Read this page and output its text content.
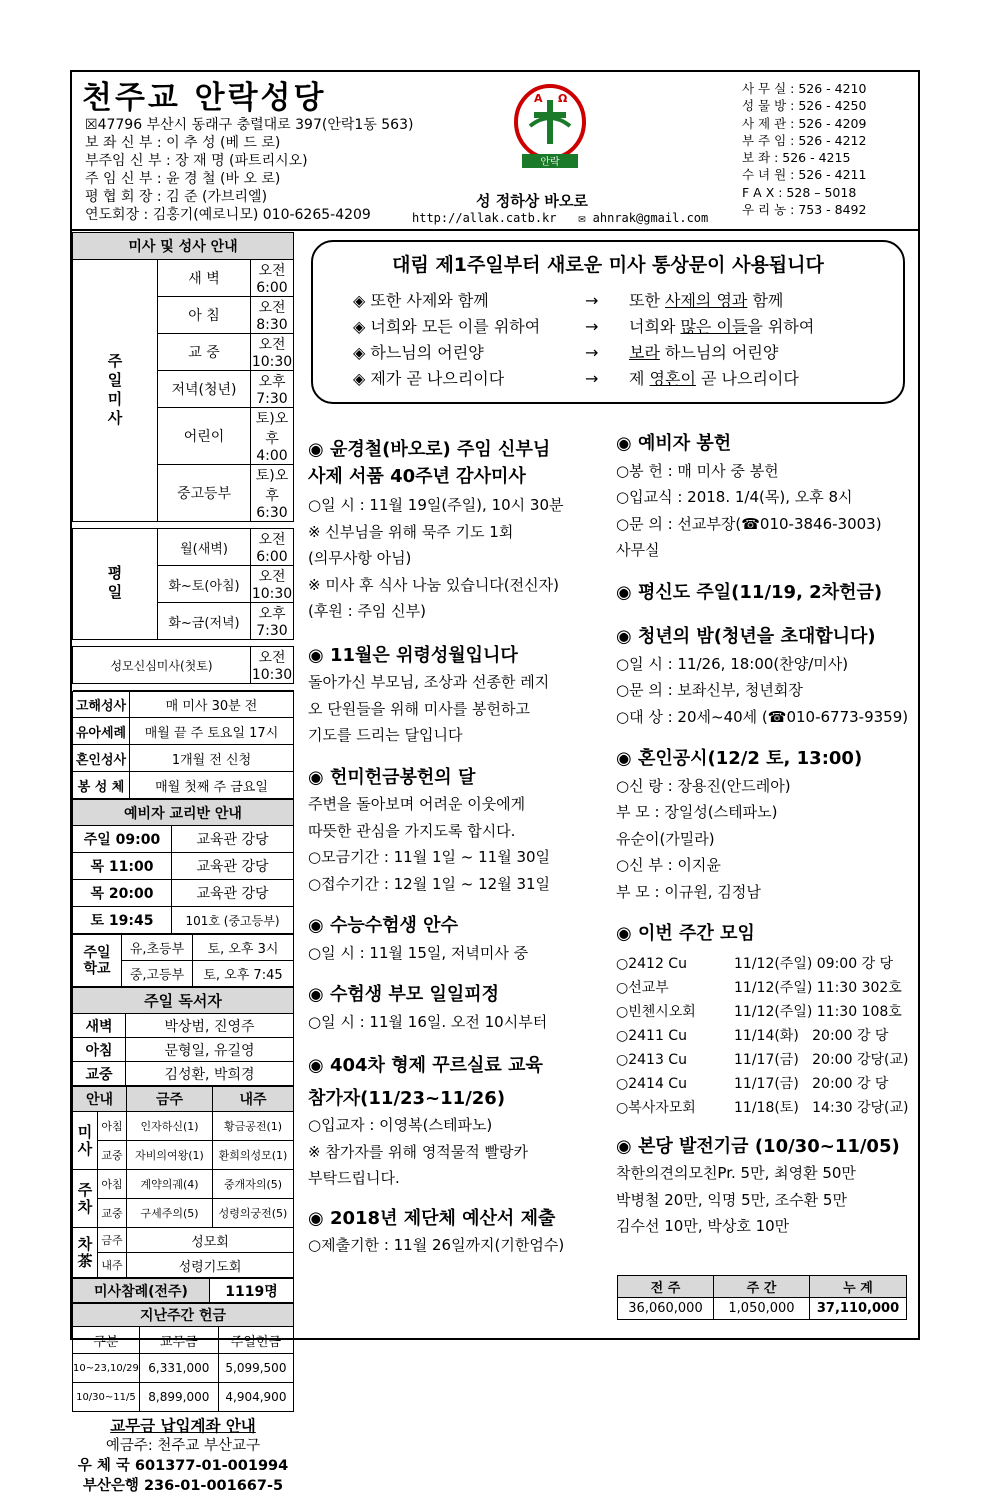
천주교 안락성당
☒47796 부산시 동래구 충렬대로 397(안락1동 563)
보 좌 신 부 : 이 추 성 (베 드 로)
부주임 신 부 : 장 재 명 (파트리시오)
주 임 신 부 : 윤 경 철 (바 오 로)
평 협 회 장 : 김 준 (가브리엘)
연도회장 : 김홍기(예로니모) 010-6265-4209
A Ω
안락
성 정하상 바오로
http://allak.catb.kr ✉ ahnrak@gmail.com
사 무 실 : 526 - 4210
성 물 방 : 526 - 4250
사 제 관 : 526 - 4209
부 주 임 : 526 - 4212
보 좌 : 526 - 4215
수 녀 원 : 526 - 4211
F A X : 528 – 5018
우 리 농 : 753 - 8492
미사 및 성사 안내		
주일미사	새 벽	오전 6:00
	아 침	오전 8:30
	교 중	오전 10:30
	저녁(청년)	오후 7:30
	어린이	토)오후 4:00
	중고등부	토)오후 6:30

평일	월(새벽)	오전 6:00
	화~토(아침)	오전 10:30
	화~금(저녁)	오후 7:30

성모신심미사(첫토)		오전 10:30

고해성사	매 미사 30분 전
유아세례	매월 끝 주 토요일 17시
혼인성사	1개월 전 신청
봉 성 체	매월 첫째 주 금요일
예비자 교리반 안내	
주일 09:00	교육관 강당
목 11:00	교육관 강당
목 20:00	교육관 강당
토 19:45	101호 (중고등부)
주일학교	유,초등부	토, 오후 3시
	중,고등부	토, 오후 7:45
주일 독서자	
새벽	박상범, 진영주
아침	문형일, 유길영
교중	김성환, 박희경
안내		금주	내주
미사	아침	인자하신(1)	황금공전(1)
	교중	자비의여왕(1)	환희의성모(1)
주차	아침	계약의궤(4)	중개자의(5)
	교중	구세주의(5)	성령의궁전(5)
차茶	금주	성모회	
	내주	성령기도회	
미사참례(전주)	1119명
지난주간 헌금		
구분	교무금	주일헌금
10~23,10/29	6,331,000	5,099,500
10/30~11/5	8,899,000	4,904,900
교무금 납입계좌 안내
예금주: 천주교 부산교구
우 체 국 601377-01-001994
부산은행 236-01-001667-5
대림 제1주일부터 새로운 미사 통상문이 사용됩니다
◈ 또한 사제와 함께	→	또한 사제의 영과 함께
◈ 너희와 모든 이를 위하여	→	너희와 많은 이들을 위하여
◈ 하느님의 어린양	→	보라 하느님의 어린양
◈ 제가 곧 나으리이다	→	제 영혼이 곧 나으리이다
◉ 윤경철(바오로) 주임 신부님
사제 서품 40주년 감사미사
○일 시 : 11월 19일(주일), 10시 30분
※ 신부님을 위해 묵주 기도 1회
(의무사항 아님)
※ 미사 후 식사 나눔 있습니다(전신자)
(후원 : 주임 신부)
◉ 11월은 위령성월입니다
돌아가신 부모님, 조상과 선종한 레지
오 단원들을 위해 미사를 봉헌하고
기도를 드리는 달입니다
◉ 헌미헌금봉헌의 달
주변을 돌아보며 어려운 이웃에게
따뜻한 관심을 가지도록 합시다.
○모금기간 : 11월 1일 ~ 11월 30일
○접수기간 : 12월 1일 ~ 12월 31일
◉ 수능수험생 안수
○일 시 : 11월 15일, 저녁미사 중
◉ 수험생 부모 일일피정
○일 시 : 11월 16일. 오전 10시부터
◉ 404차 형제 꾸르실료 교육
참가자(11/23~11/26)
○입교자 : 이영복(스테파노)
※ 참가자를 위해 영적물적 빨랑카
부탁드립니다.
◉ 2018년 제단체 예산서 제출
○제출기한 : 11월 26일까지(기한엄수)
◉ 예비자 봉헌
○봉 헌 : 매 미사 중 봉헌
○입교식 : 2018. 1/4(목), 오후 8시
○문 의 : 선교부장(☎010-3846-3003)
사무실
◉ 평신도 주일(11/19, 2차헌금)
◉ 청년의 밤(청년을 초대합니다)
○일 시 : 11/26, 18:00(찬양/미사)
○문 의 : 보좌신부, 청년회장
○대 상 : 20세~40세 (☎010-6773-9359)
◉ 혼인공시(12/2 토, 13:00)
○신 랑 : 장용진(안드레아)
부 모 : 장일성(스테파노)
유순이(가밀라)
○신 부 : 이지윤
부 모 : 이규원, 김정남
◉ 이번 주간 모임
○2412 Cu	11/12(주일) 09:00 강 당
○선교부	11/12(주일) 11:30 302호
○빈첸시오회	11/12(주일) 11:30 108호
○2411 Cu	11/14(화)   20:00 강 당
○2413 Cu	11/17(금)   20:00 강당(교)
○2414 Cu	11/17(금)   20:00 강 당
○복사자모회	11/18(토)   14:30 강당(교)
◉ 본당 발전기금 (10/30~11/05)
착한의견의모친Pr. 5만, 최영환 50만
박병철 20만, 익명 5만, 조수환 5만
김수선 10만, 박상호 10만
전 주	주 간	누 계
36,060,000	1,050,000	37,110,000
